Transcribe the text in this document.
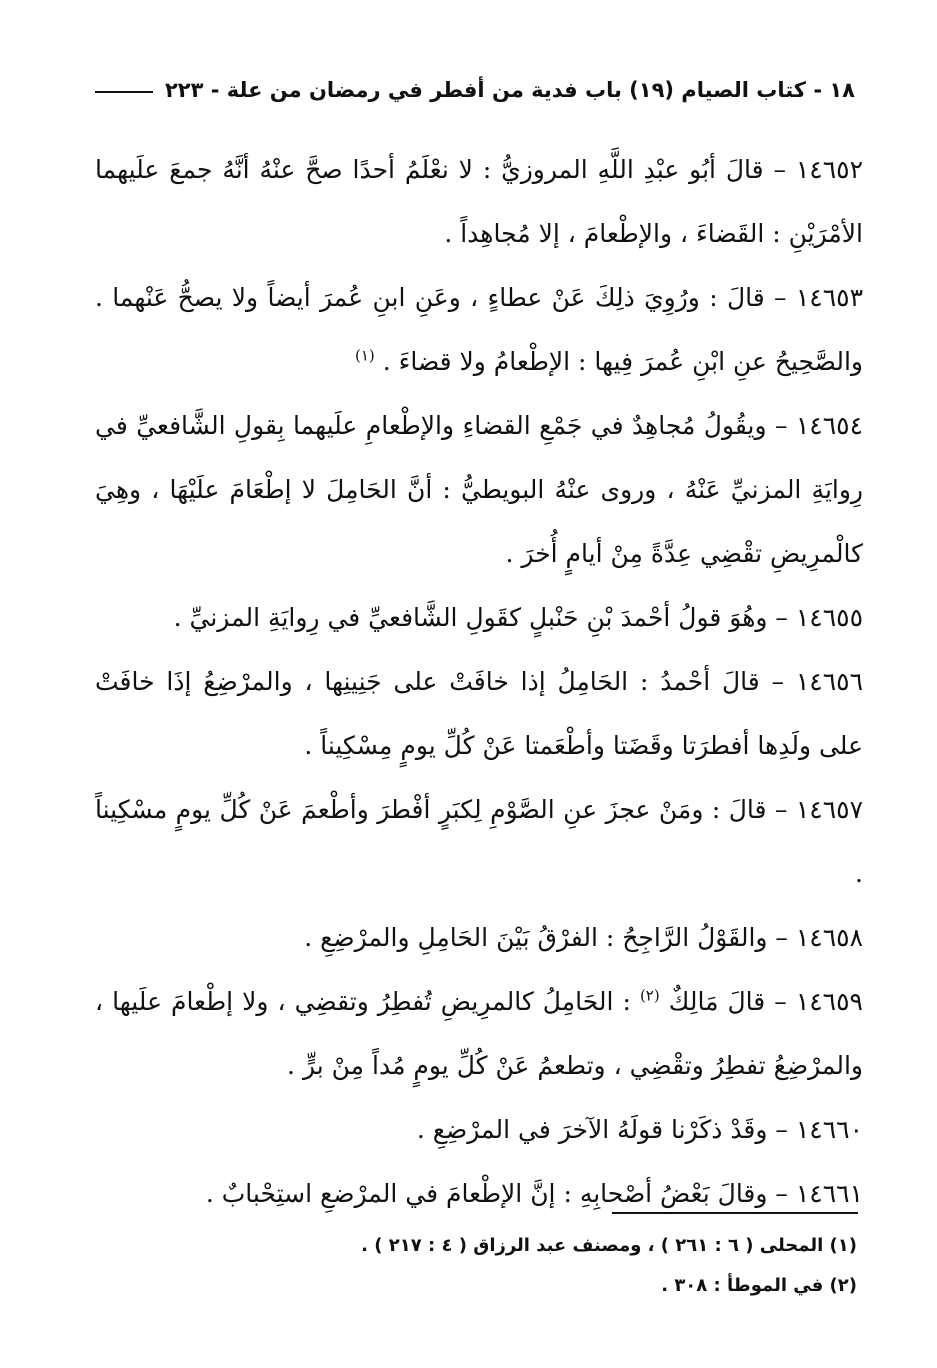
١٨ - كتاب الصيام (١٩) باب فدية من أفطر في رمضان من علة - ٢٢٣

١٤٦٥٢ – قالَ أبُو عبْدِ اللَّهِ المروزيُّ : لا نعْلَمُ أحدًا صحَّ عنْهُ أنَّهُ جمعَ علَيهما الأمْرَيْنِ : القَضاءَ ، والإطْعامَ ، إلا مُجاهِداً .

١٤٦٥٣ – قالَ : ورُوِيَ ذلِكَ عَنْ عطاءٍ ، وعَنِ ابنِ عُمرَ أيضاً ولا يصحُّ عَنْهما . والصَّحِيحُ عنِ ابْنِ عُمرَ فِيها : الإطْعامُ ولا قضاءَ . $^{(١)}$

١٤٦٥٤ – ويقُولُ مُجاهِدٌ في جَمْعِ القضاءِ والإطْعامِ علَيهما بِقولِ الشَّافعيِّ في رِوايَةِ المزنيِّ عَنْهُ ، وروى عنْهُ البويطيُّ : أنَّ الحَامِلَ لا إطْعَامَ علَيْهَا ، وهِيَ كالْمرِيضِ تقْضِي عِدَّةً مِنْ أيامٍ أُخرَ .

١٤٦٥٥ – وهُوَ قولُ أحْمدَ بْنِ حَنْبلٍ كقَولِ الشَّافعيِّ في رِوايَةِ المزنيِّ .

١٤٦٥٦ – قالَ أحْمدُ : الحَامِلُ إذا خافَتْ على جَنِينِها ، والمرْضِعُ إذَا خافَتْ على ولَدِها أفطرَتا وقَضَتا وأطْعَمتا عَنْ كُلِّ يومٍ مِسْكِيناً .

١٤٦٥٧ – قالَ : ومَنْ عجزَ عنِ الصَّوْمِ لِكبَرٍ أفْطرَ وأطْعمَ عَنْ كُلِّ يومٍ مسْكِيناً .

١٤٦٥٨ – والقَوْلُ الرَّاجِحُ : الفرْقُ بَيْنَ الحَامِلِ والمرْضِعِ .

١٤٦٥٩ – قالَ مَالِكٌ $^{(٢)}$ : الحَامِلُ كالمرِيضِ تُفطِرُ وتقضِي ، ولا إطْعامَ علَيها ، والمرْضِعُ تفطِرُ وتقْضِي ، وتطعمُ عَنْ كُلِّ يومٍ مُداً مِنْ برٍّ .

١٤٦٦٠ – وقَدْ ذكَرْنا قولَهُ الآخرَ في المرْضِعِ .

١٤٦٦١ – وقالَ بَعْضُ أصْحابِهِ : إنَّ الإطْعامَ في المرْضعِ استِحْبابٌ .

(١) المحلى ( ٦ : ٢٦١ ) ، ومصنف عبد الرزاق ( ٤ : ٢١٧ ) .

(٢) في الموطأ : ٣٠٨ .
